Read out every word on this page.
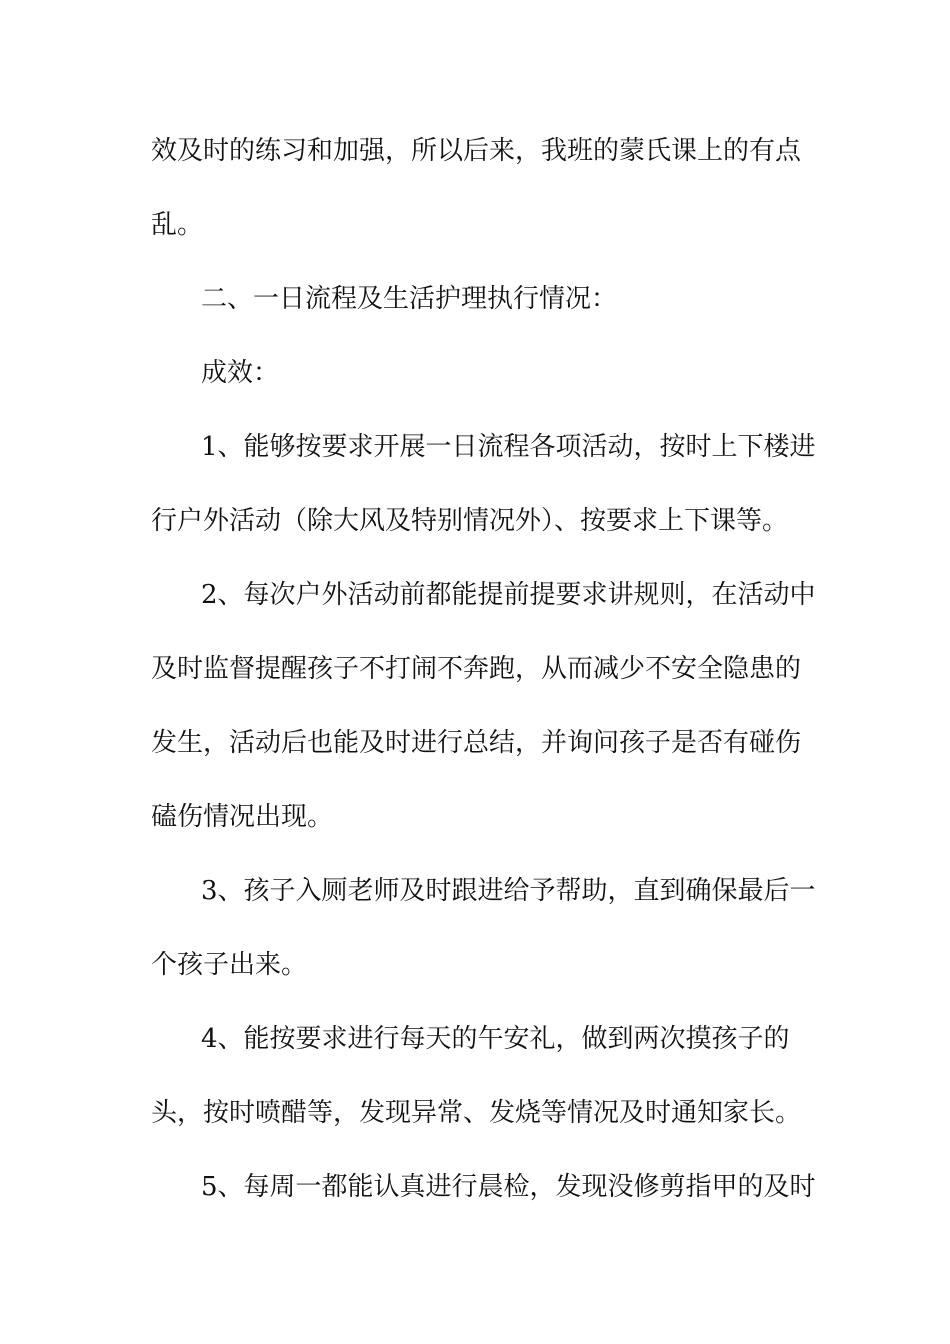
效及时的练习和加强，所以后来，我班的蒙氏课上的有点
乱。
二、一日流程及生活护理执行情况：
成效：
1、能够按要求开展一日流程各项活动，按时上下楼进
行户外活动（除大风及特别情况外）、按要求上下课等。
2、每次户外活动前都能提前提要求讲规则，在活动中
及时监督提醒孩子不打闹不奔跑，从而减少不安全隐患的
发生，活动后也能及时进行总结，并询问孩子是否有碰伤
磕伤情况出现。
3、孩子入厕老师及时跟进给予帮助，直到确保最后一
个孩子出来。
4、能按要求进行每天的午安礼，做到两次摸孩子的
头，按时喷醋等，发现异常、发烧等情况及时通知家长。
5、每周一都能认真进行晨检，发现没修剪指甲的及时
